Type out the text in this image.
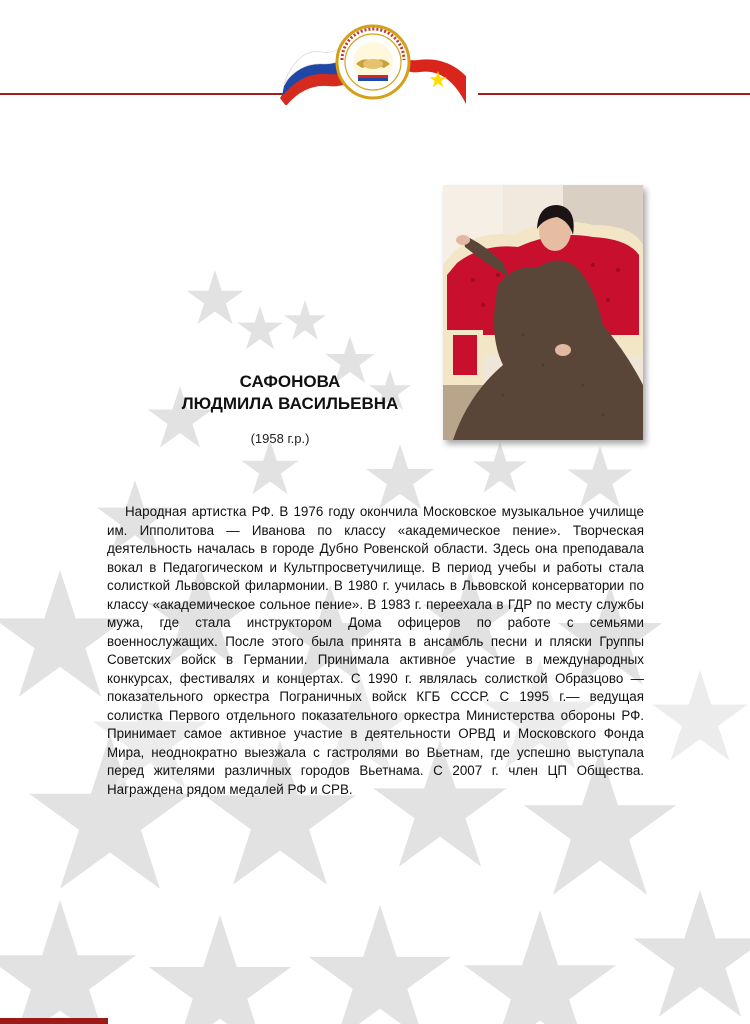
САФОНОВА
ЛЮДМИЛА ВАСИЛЬЕВНА
(1958 г.р.)

Народная артистка РФ. В 1976 году окончила Московское музыкальное училище им. Ипполитова — Иванова по классу «академическое пение». Творческая деятельность началась в городе Дубно Ровенской области. Здесь она преподавала вокал в Педагогическом и Культпросветучилище. В период учебы и работы стала солисткой Львовской филармонии. В 1980 г. училась в Львовской консерватории по классу «академическое сольное пение». В 1983 г. переехала в ГДР по месту службы мужа, где стала инструктором Дома офицеров по работе с семьями военнослужащих. После этого была принята в ансамбль песни и пляски Группы Советских войск в Германии. Принимала активное участие в международных конкурсах, фестивалях и концертах. С 1990 г. являлась солисткой Образцово — показательного оркестра Пограничных войск КГБ СССР. С 1995 г.— ведущая солистка Первого отдельного показательного оркестра Министерства обороны РФ. Принимает самое активное участие в деятельности ОРВД и Московского Фонда Мира, неоднократно выезжала с гастролями во Вьетнам, где успешно выступала перед жителями различных городов Вьетнама. С 2007 г. член ЦП Общества. Награждена рядом медалей РФ и СРВ.
